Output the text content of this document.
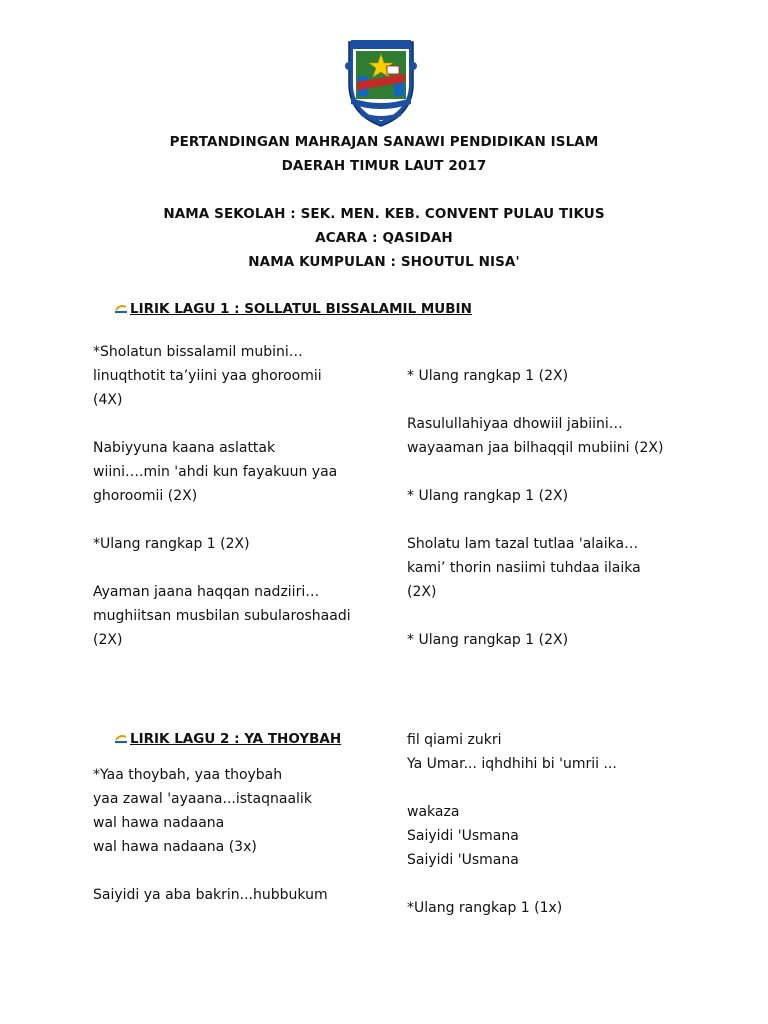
PERTANDINGAN MAHRAJAN SANAWI PENDIDIKAN ISLAM
DAERAH TIMUR LAUT 2017
NAMA SEKOLAH : SEK. MEN. KEB. CONVENT PULAU TIKUS
ACARA : QASIDAH
NAMA KUMPULAN : SHOUTUL NISA'
LIRIK LAGU 1 : SOLLATUL BISSALAMIL MUBIN
*Sholatun bissalamil mubini…
linuqthotit ta’yiini yaa ghoroomii
(4X)

Nabiyyuna kaana aslattak
wiini….min 'ahdi kun fayakuun yaa
ghoroomii (2X)

*Ulang rangkap 1 (2X)

Ayaman jaana haqqan nadziiri…
mughiitsan musbilan subularoshaadi
(2X)
* Ulang rangkap 1 (2X)

Rasulullahiyaa dhowiil jabiini…
wayaaman jaa bilhaqqil mubiini (2X)

* Ulang rangkap 1 (2X)

Sholatu lam tazal tutlaa 'alaika…
kami’ thorin nasiimi tuhdaa ilaika
(2X)

* Ulang rangkap 1 (2X)
LIRIK LAGU 2 : YA THOYBAH
*Yaa thoybah, yaa thoybah
yaa zawal 'ayaana...istaqnaalik
wal hawa nadaana
wal hawa nadaana (3x)

Saiyidi ya aba bakrin...hubbukum
fil qiami zukri
Ya Umar... iqhdhihi bi 'umrii ...

wakaza
Saiyidi 'Usmana
Saiyidi 'Usmana

*Ulang rangkap 1 (1x)
